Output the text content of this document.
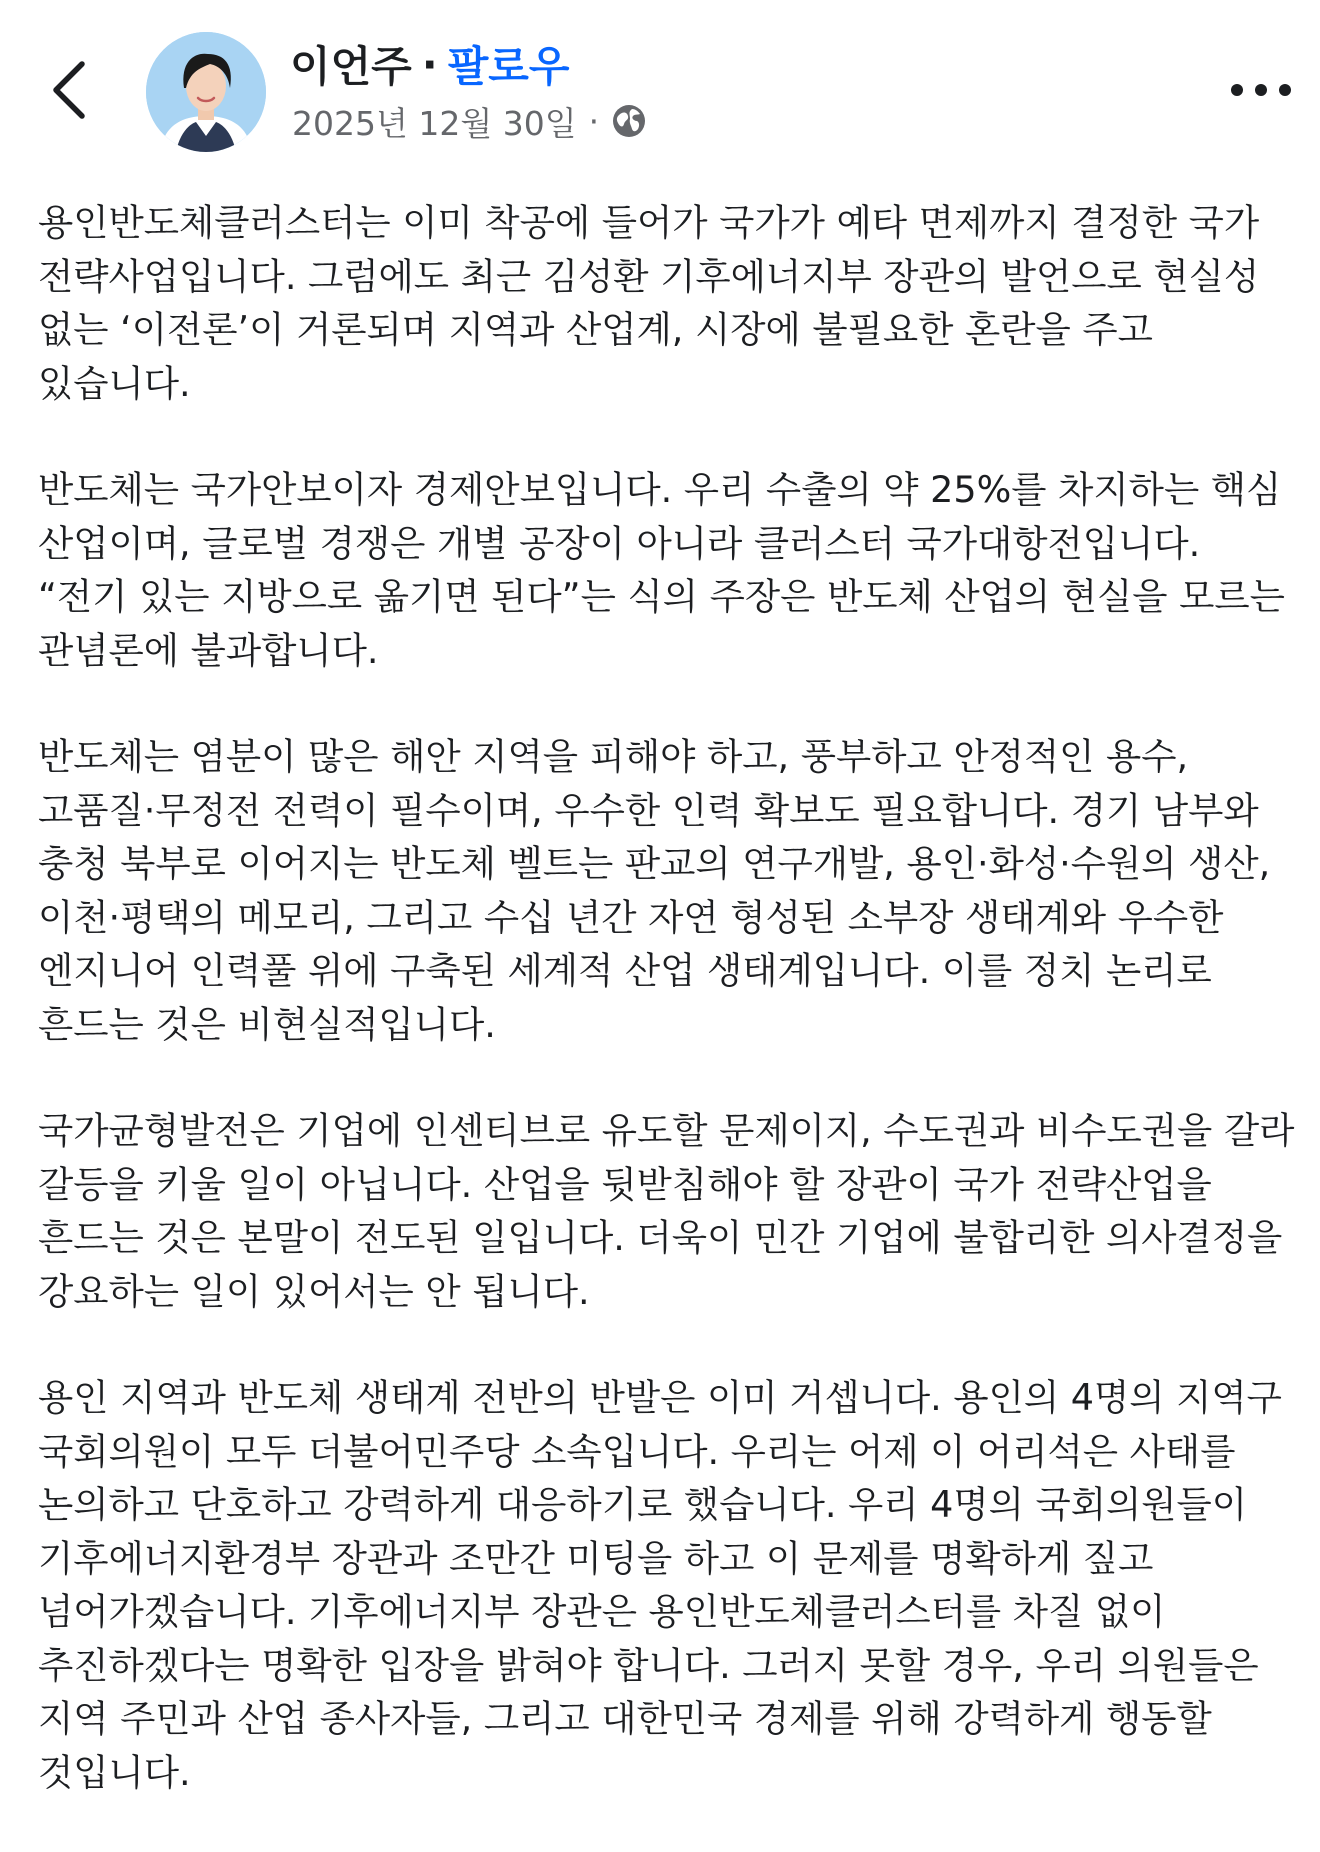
이언주 · 팔로우
2025년 12월 30일 ·

용인반도체클러스터는 이미 착공에 들어가 국가가 예타 면제까지 결정한 국가 전략사업입니다. 그럼에도 최근 김성환 기후에너지부 장관의 발언으로 현실성 없는 ‘이전론’이 거론되며 지역과 산업계, 시장에 불필요한 혼란을 주고 있습니다.

반도체는 국가안보이자 경제안보입니다. 우리 수출의 약 25%를 차지하는 핵심 산업이며, 글로벌 경쟁은 개별 공장이 아니라 클러스터 국가대항전입니다. “전기 있는 지방으로 옮기면 된다”는 식의 주장은 반도체 산업의 현실을 모르는 관념론에 불과합니다.

반도체는 염분이 많은 해안 지역을 피해야 하고, 풍부하고 안정적인 용수, 고품질·무정전 전력이 필수이며, 우수한 인력 확보도 필요합니다. 경기 남부와 충청 북부로 이어지는 반도체 벨트는 판교의 연구개발, 용인·화성·수원의 생산, 이천·평택의 메모리, 그리고 수십 년간 자연 형성된 소부장 생태계와 우수한 엔지니어 인력풀 위에 구축된 세계적 산업 생태계입니다. 이를 정치 논리로 흔드는 것은 비현실적입니다.

국가균형발전은 기업에 인센티브로 유도할 문제이지, 수도권과 비수도권을 갈라 갈등을 키울 일이 아닙니다. 산업을 뒷받침해야 할 장관이 국가 전략산업을 흔드는 것은 본말이 전도된 일입니다. 더욱이 민간 기업에 불합리한 의사결정을 강요하는 일이 있어서는 안 됩니다.

용인 지역과 반도체 생태계 전반의 반발은 이미 거셉니다. 용인의 4명의 지역구 국회의원이 모두 더불어민주당 소속입니다. 우리는 어제 이 어리석은 사태를 논의하고 단호하고 강력하게 대응하기로 했습니다. 우리 4명의 국회의원들이 기후에너지환경부 장관과 조만간 미팅을 하고 이 문제를 명확하게 짚고 넘어가겠습니다. 기후에너지부 장관은 용인반도체클러스터를 차질 없이 추진하겠다는 명확한 입장을 밝혀야 합니다. 그러지 못할 경우, 우리 의원들은 지역 주민과 산업 종사자들, 그리고 대한민국 경제를 위해 강력하게 행동할 것입니다.
